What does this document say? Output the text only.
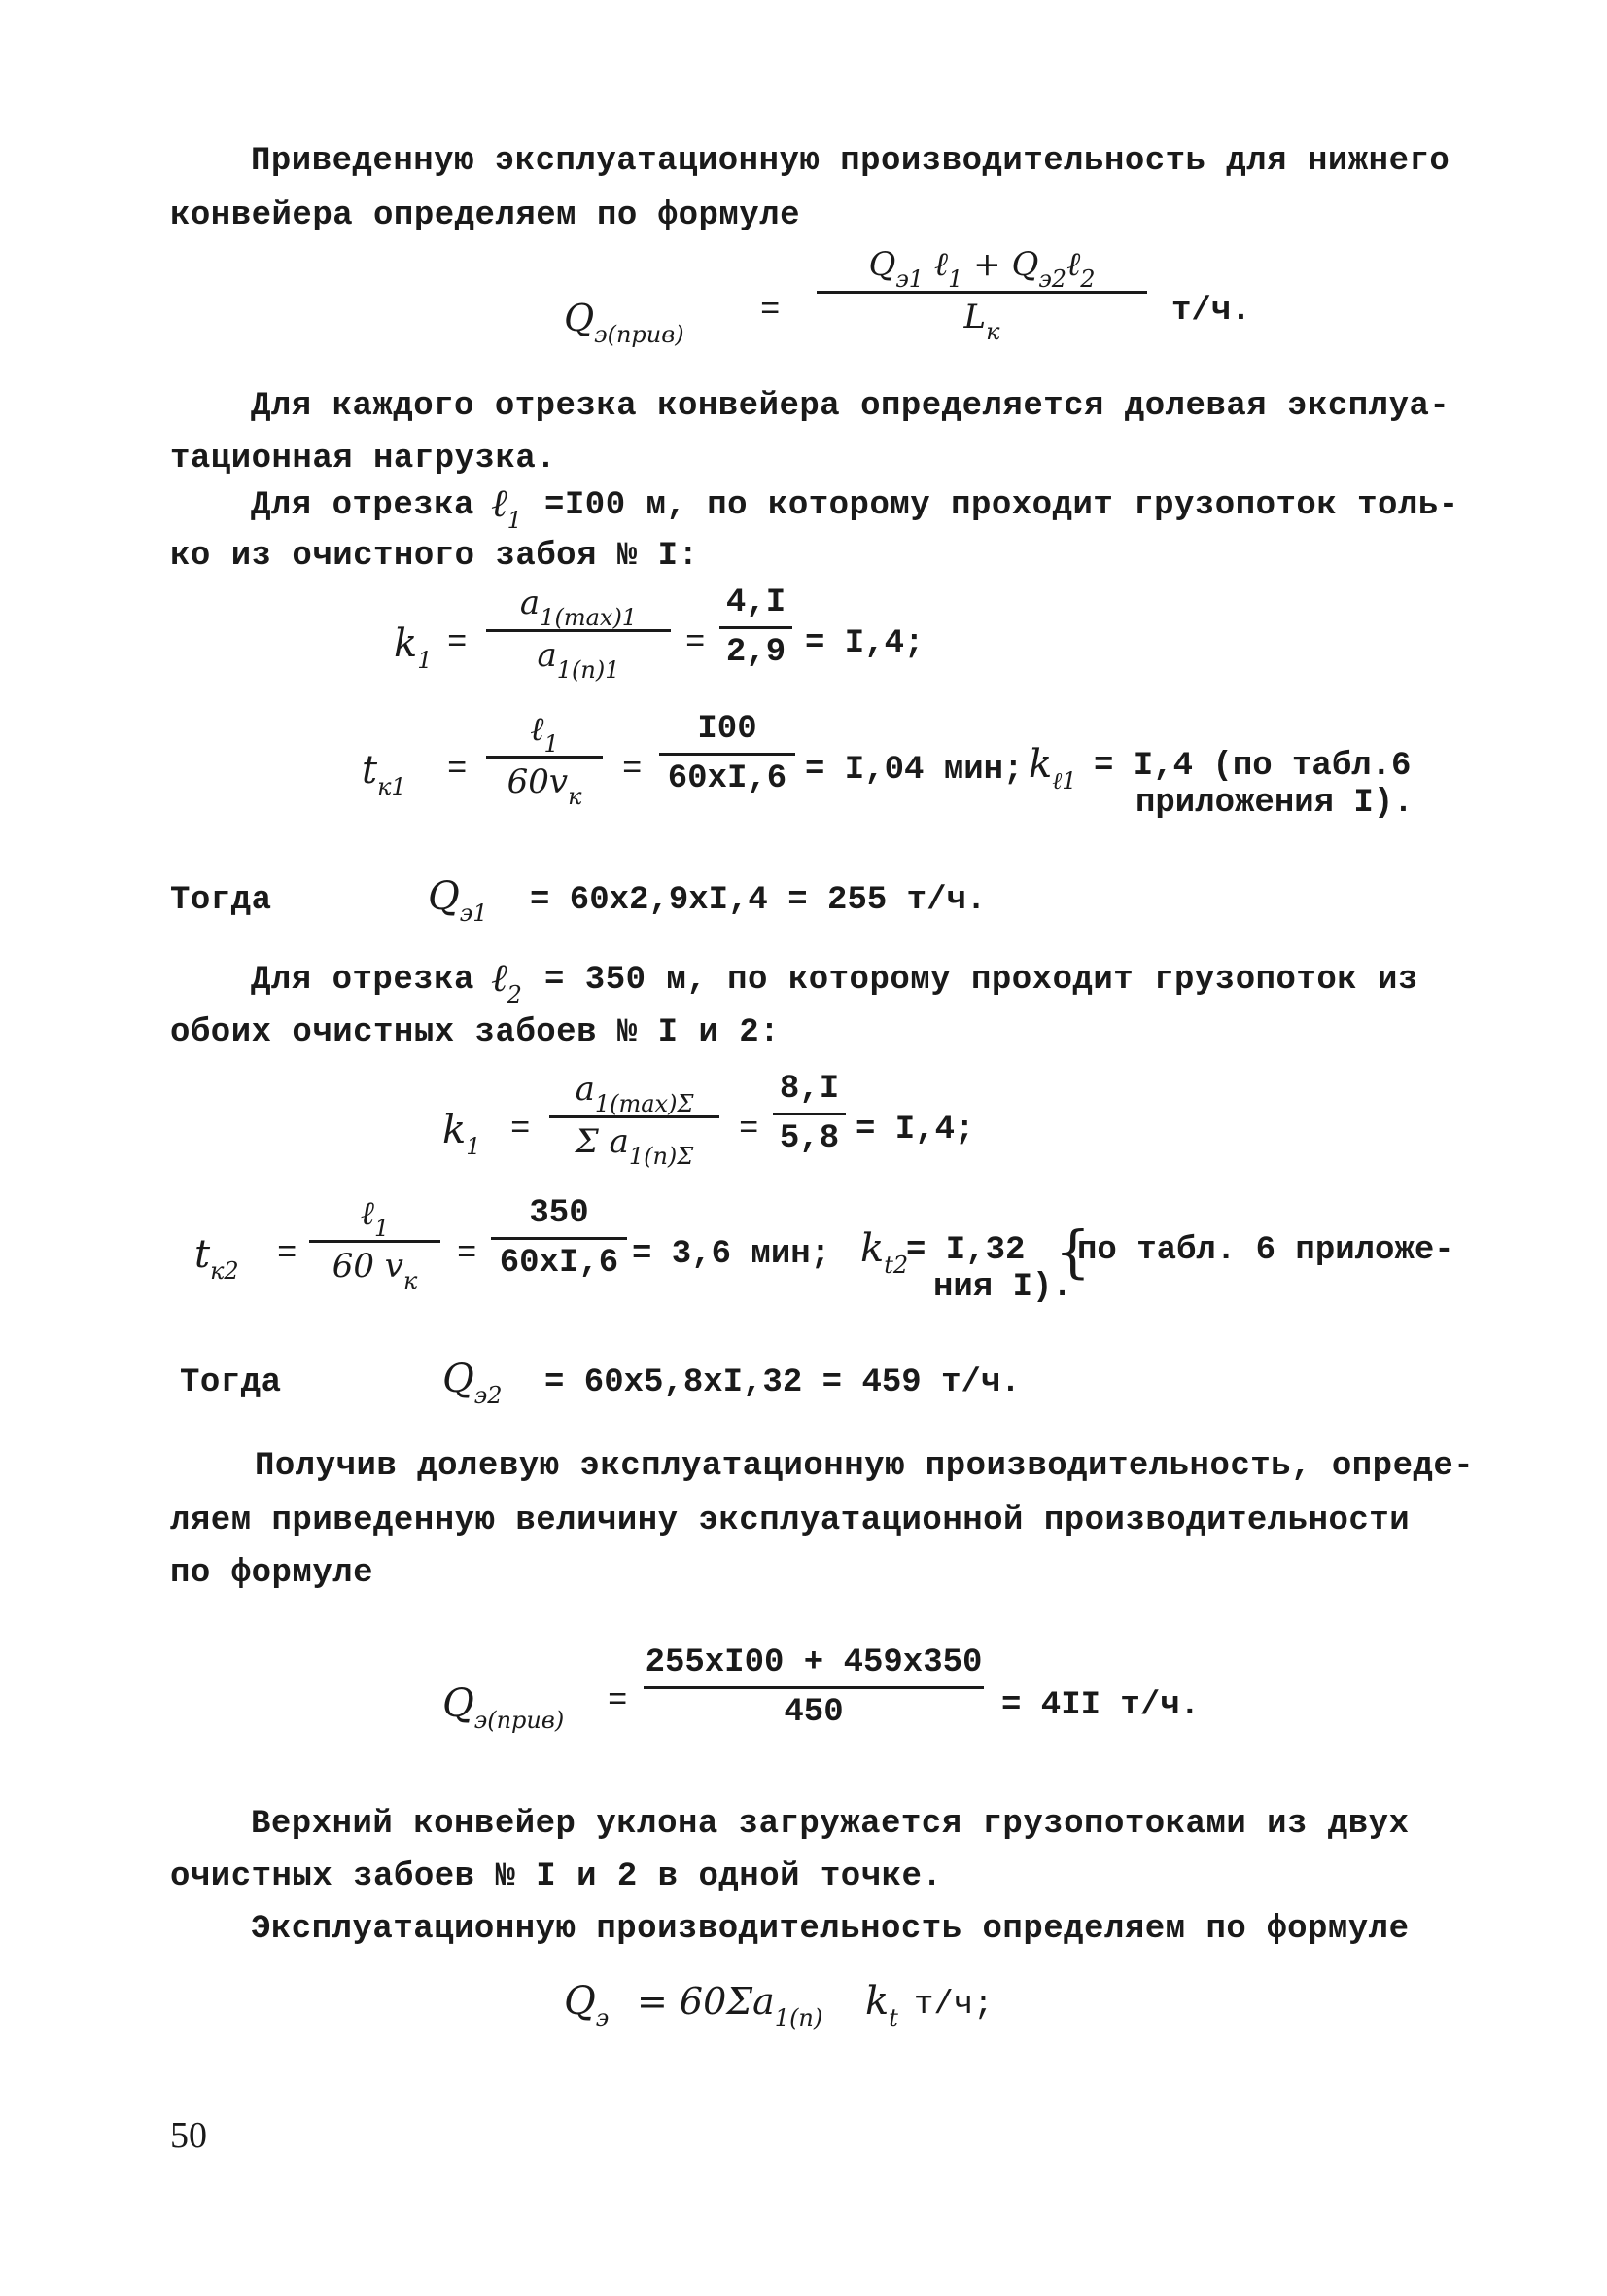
Приведенную эксплуатационную производительность для нижнего
конвейера определяем по формуле
$Q_{э(прив)}$
=
$Q_{э1}$ ℓ$_1$ + $Q_{э2}\ell_2$
$L_к$
т/ч.
Для каждого отрезка конвейера определяется долевая эксплуа-
тационная нагрузка.
Для отрезка ℓ$_1$ =I00 м, по которому проходит грузопоток толь-
ко из очистного забоя № I:
$k_1$ =
$a_{1(max)1}$
$a_{1(n)1}$
=
4,I
2,9 = I,4;
$t_{к1}$ =
ℓ$_1$
$60v_к$
=
I00
60xI,6 = I,04 мин; $k_{\ell 1} = I,4$ (по табл.6
приложения I).
Тогда	$Q_{э1} = 60x2,9xI,4 = 255$ т/ч.
Для отрезка ℓ$_2$ = 350 м, по которому проходит грузопоток из
обоих очистных забоев № I и 2:
$k_1$ =
$a_{1(max)\Sigma}$
Σ $a_{1(n)\Sigma}$
=
8,I
5,8 = I,4;
$t_{к2}$ =
ℓ$_1$
60 $v_к$
=
350
60xI,6 = 3,6 мин; $k_{t2}$
= I,32 {
по табл. 6 приложе-
ния I).
Тогда	$Q_{э2} = 60x5,8xI,32 = 459$ т/ч.
Получив долевую эксплуатационную производительность, опреде-
ляем приведенную величину эксплуатационной производительности
по формуле
$Q_{э(прив)}$ =
255xI00 + 459x350
450	= 4II т/ч.
Верхний конвейер уклона загружается грузопотоками из двух
очистных забоев № I и 2 в одной точке.
Эксплуатационную производительность определяем по формуле
$Q_э = 60\Sigma a_{1(n)}$ $k_t$ т/ч;
50
